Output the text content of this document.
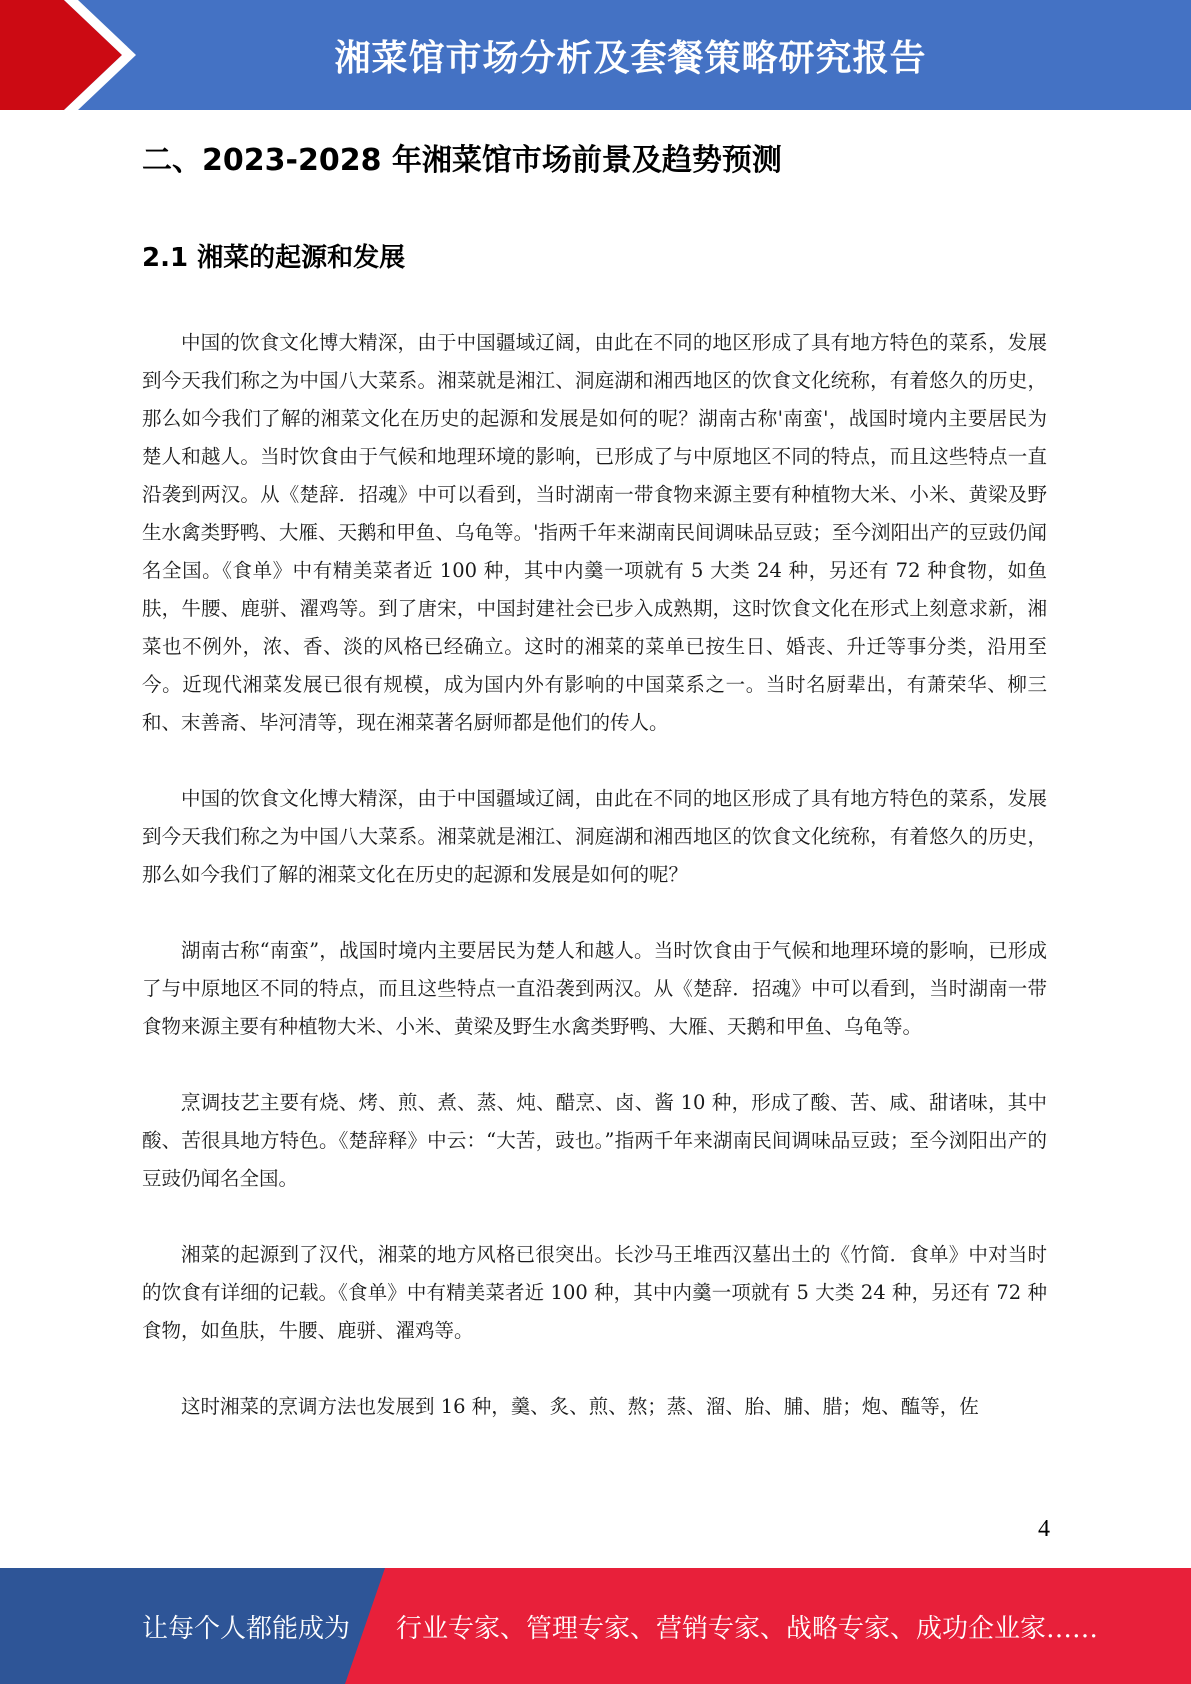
湘菜馆市场分析及套餐策略研究报告
二、2023-2028 年湘菜馆市场前景及趋势预测
2.1 湘菜的起源和发展

中国的饮食文化博大精深，由于中国疆域辽阔，由此在不同的地区形成了具有地方特色的菜系，发展到今天我们称之为中国八大菜系。湘菜就是湘江、洞庭湖和湘西地区的饮食文化统称，有着悠久的历史，那么如今我们了解的湘菜文化在历史的起源和发展是如何的呢？湖南古称'南蛮'，战国时境内主要居民为楚人和越人。当时饮食由于气候和地理环境的影响，已形成了与中原地区不同的特点，而且这些特点一直沿袭到两汉。从《楚辞．招魂》中可以看到，当时湖南一带食物来源主要有种植物大米、小米、黄梁及野生水禽类野鸭、大雁、天鹅和甲鱼、乌龟等。'指两千年来湖南民间调味品豆豉；至今浏阳出产的豆豉仍闻名全国。《食单》中有精美菜者近 100 种，其中内羹一项就有 5 大类 24 种，另还有 72 种食物，如鱼肤，牛腰、鹿骈、濯鸡等。到了唐宋，中国封建社会已步入成熟期，这时饮食文化在形式上刻意求新，湘菜也不例外，浓、香、淡的风格已经确立。这时的湘菜的菜单已按生日、婚丧、升迁等事分类，沿用至今。近现代湘菜发展已很有规模，成为国内外有影响的中国菜系之一。当时名厨辈出，有萧荣华、柳三和、末善斋、毕河清等，现在湘菜著名厨师都是他们的传人。

中国的饮食文化博大精深，由于中国疆域辽阔，由此在不同的地区形成了具有地方特色的菜系，发展到今天我们称之为中国八大菜系。湘菜就是湘江、洞庭湖和湘西地区的饮食文化统称，有着悠久的历史，那么如今我们了解的湘菜文化在历史的起源和发展是如何的呢？

湖南古称“南蛮”，战国时境内主要居民为楚人和越人。当时饮食由于气候和地理环境的影响，已形成了与中原地区不同的特点，而且这些特点一直沿袭到两汉。从《楚辞．招魂》中可以看到，当时湖南一带食物来源主要有种植物大米、小米、黄梁及野生水禽类野鸭、大雁、天鹅和甲鱼、乌龟等。

烹调技艺主要有烧、烤、煎、煮、蒸、炖、醋烹、卤、酱 10 种，形成了酸、苦、咸、甜诸味，其中酸、苦很具地方特色。《楚辞释》中云：“大苦，豉也。”指两千年来湖南民间调味品豆豉；至今浏阳出产的豆豉仍闻名全国。

湘菜的起源到了汉代，湘菜的地方风格已很突出。长沙马王堆西汉墓出土的《竹简．食单》中对当时的饮食有详细的记载。《食单》中有精美菜者近 100 种，其中内羹一项就有 5 大类 24 种，另还有 72 种食物，如鱼肤，牛腰、鹿骈、濯鸡等。

这时湘菜的烹调方法也发展到 16 种，羹、炙、煎、熬；蒸、溜、胎、脯、腊；炮、醢等，佐

4
让每个人都能成为	行业专家、管理专家、营销专家、战略专家、成功企业家……
